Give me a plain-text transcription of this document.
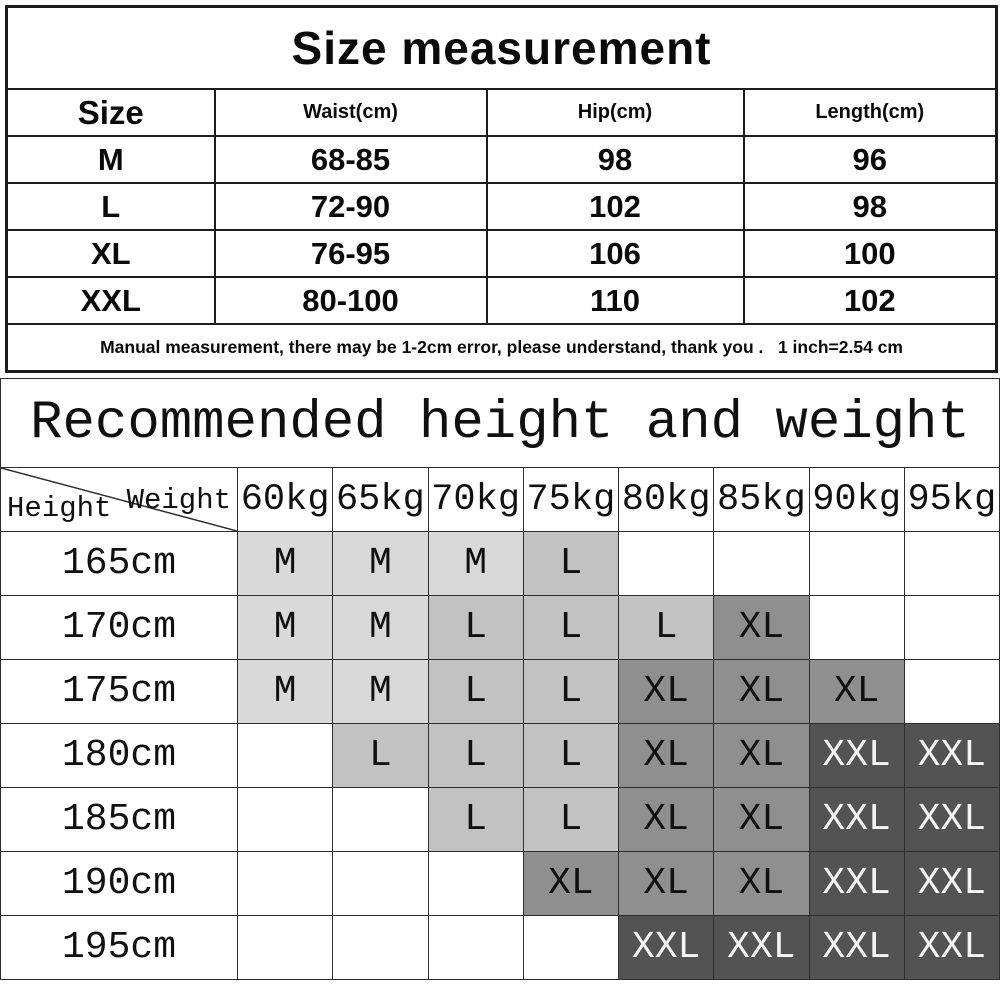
Size measurement			
Size	Waist(cm)	Hip(cm)	Length(cm)
M	68-85	98	96
L	72-90	102	98
XL	76-95	106	100
XXL	80-100	110	102
Manual measurement, there may be 1-2cm error, please understand, thank you .   1 inch=2.54 cm			
Recommended height and weight								

Height Weight	60kg	65kg	70kg	75kg	80kg	85kg	90kg	95kg
165cm	M	M	M	L				
170cm	M	M	L	L	L	XL		
175cm	M	M	L	L	XL	XL	XL	
180cm		L	L	L	XL	XL	XXL	XXL
185cm			L	L	XL	XL	XXL	XXL
190cm				XL	XL	XL	XXL	XXL
195cm					XXL	XXL	XXL	XXL
